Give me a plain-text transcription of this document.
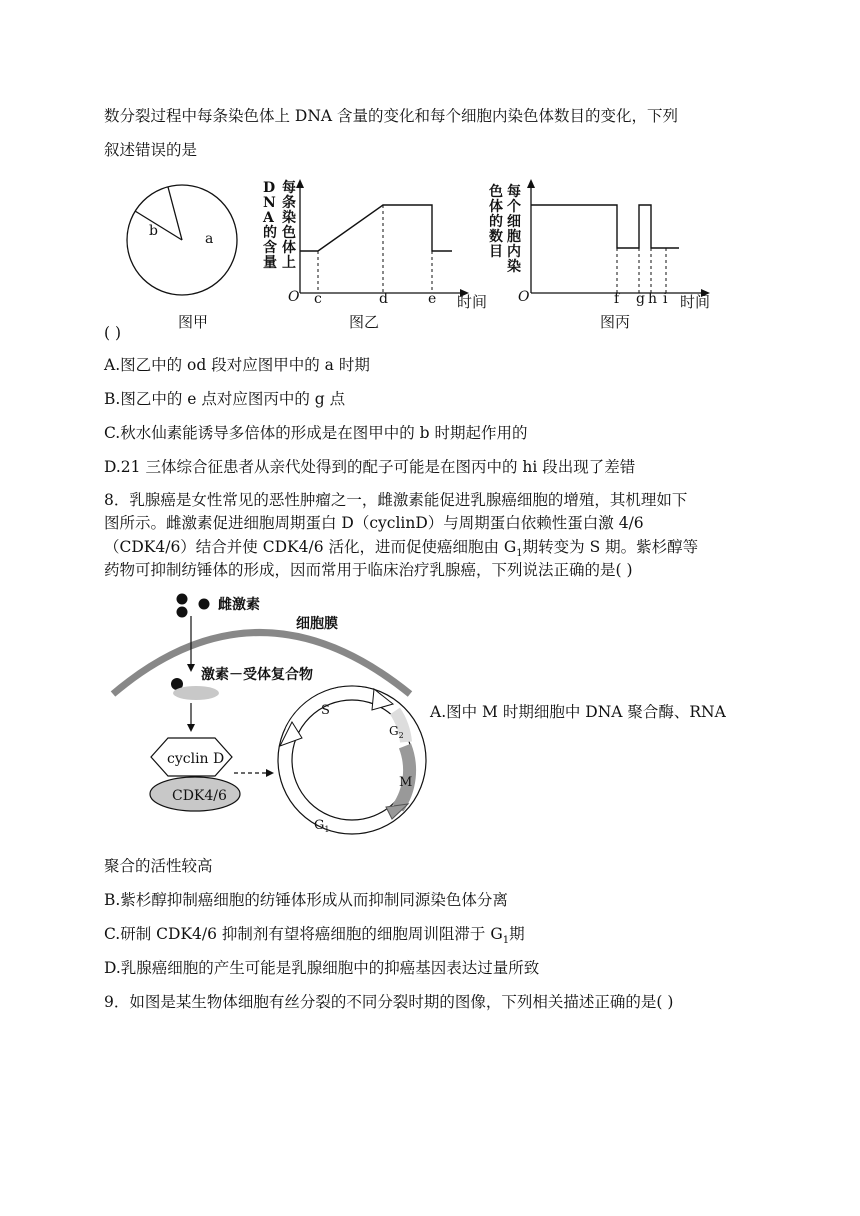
数分裂过程中每条染色体上 DNA 含量的变化和每个细胞内染色体数目的变化，下列
叙述错误的是
b	a
图甲
每条染色体上
D N A 的含量
O c	d	e 时间
图乙
每个细胞内染
色体的数目
O	f g h i 时间
图丙
( )
A.图乙中的 od 段对应图甲中的 a 时期
B.图乙中的 e 点对应图丙中的 g 点
C.秋水仙素能诱导多倍体的形成是在图甲中的 b 时期起作用的
D.21 三体综合征患者从亲代处得到的配子可能是在图丙中的 hi 段出现了差错
8．乳腺癌是女性常见的恶性肿瘤之一，雌激素能促进乳腺癌细胞的增殖，其机理如下
图所示。雌激素促进细胞周期蛋白 D（cyclinD）与周期蛋白依赖性蛋白激 4/6
（CDK4/6）结合并使 CDK4/6 活化，进而促使癌细胞由 $G_1$期转变为 S 期。紫杉醇等
药物可抑制纺锤体的形成，因而常用于临床治疗乳腺癌，下列说法正确的是( )
雌激素
细胞膜
激素－受体复合物
cyclin D
CDK4/6
S
$G_2$
M
$G_1$
A.图中 M 时期细胞中 DNA 聚合酶、RNA
聚合的活性较高
B.紫杉醇抑制癌细胞的纺锤体形成从而抑制同源染色体分离
C.研制 CDK4/6 抑制剂有望将癌细胞的细胞周训阻滞于 $G_1$期
D.乳腺癌细胞的产生可能是乳腺细胞中的抑癌基因表达过量所致
9．如图是某生物体细胞有丝分裂的不同分裂时期的图像，下列相关描述正确的是( )
